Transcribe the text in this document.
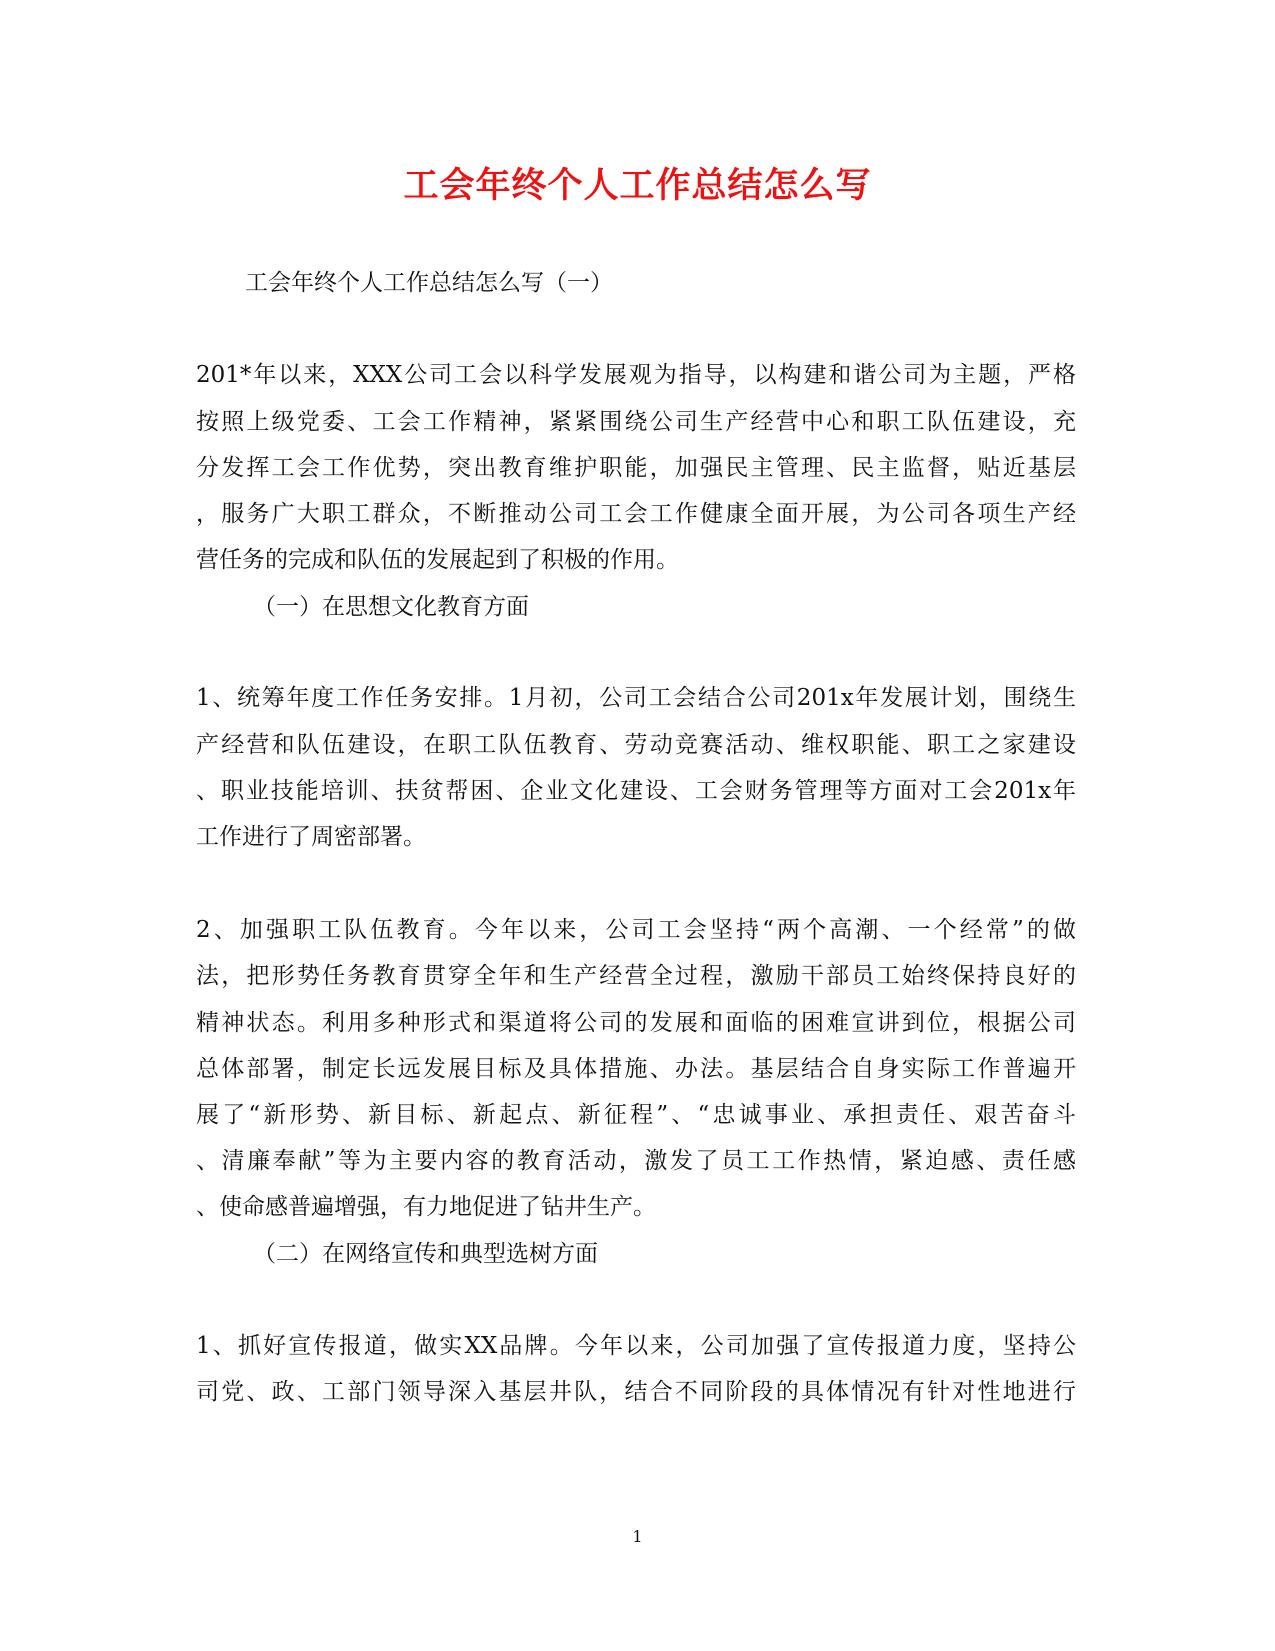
工会年终个人工作总结怎么写
工会年终个人工作总结怎么写（一）
201*年以来，XXX公司工会以科学发展观为指导，以构建和谐公司为主题，严格
按照上级党委、工会工作精神，紧紧围绕公司生产经营中心和职工队伍建设，充
分发挥工会工作优势，突出教育维护职能，加强民主管理、民主监督，贴近基层
，服务广大职工群众，不断推动公司工会工作健康全面开展，为公司各项生产经
营任务的完成和队伍的发展起到了积极的作用。
（一）在思想文化教育方面
1、统筹年度工作任务安排。1月初，公司工会结合公司201x年发展计划，围绕生
产经营和队伍建设，在职工队伍教育、劳动竞赛活动、维权职能、职工之家建设
、职业技能培训、扶贫帮困、企业文化建设、工会财务管理等方面对工会201x年
工作进行了周密部署。
2、加强职工队伍教育。今年以来，公司工会坚持“两个高潮、一个经常”的做
法，把形势任务教育贯穿全年和生产经营全过程，激励干部员工始终保持良好的
精神状态。利用多种形式和渠道将公司的发展和面临的困难宣讲到位，根据公司
总体部署，制定长远发展目标及具体措施、办法。基层结合自身实际工作普遍开
展了“新形势、新目标、新起点、新征程”、“忠诚事业、承担责任、艰苦奋斗
、清廉奉献”等为主要内容的教育活动，激发了员工工作热情，紧迫感、责任感
、使命感普遍增强，有力地促进了钻井生产。
（二）在网络宣传和典型选树方面
1、抓好宣传报道，做实XX品牌。今年以来，公司加强了宣传报道力度，坚持公
司党、政、工部门领导深入基层井队，结合不同阶段的具体情况有针对性地进行
1
